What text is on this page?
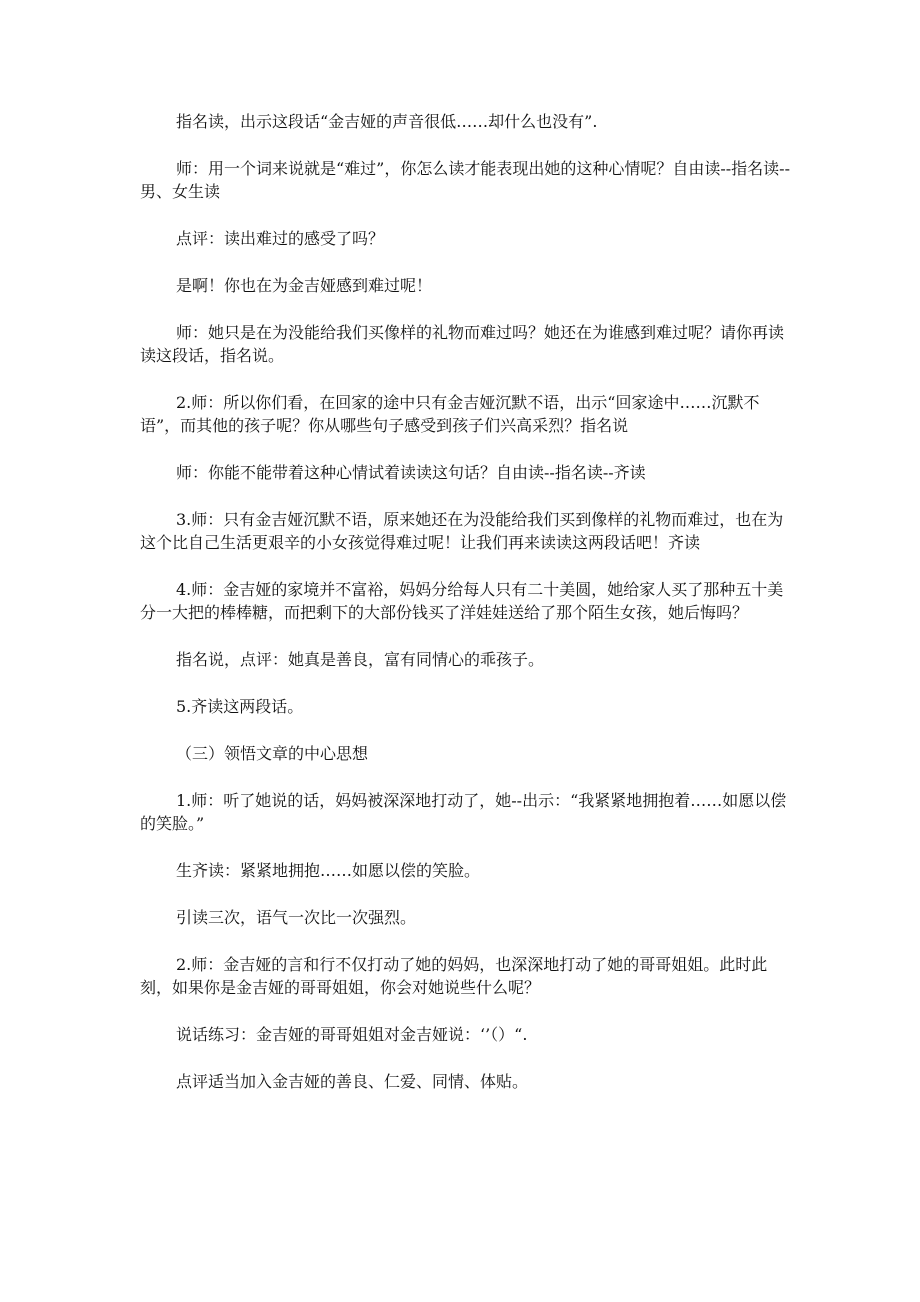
指名读，出示这段话“金吉娅的声音很低……却什么也没有”.

师：用一个词来说就是“难过”，你怎么读才能表现出她的这种心情呢？自由读--指名读--男、女生读

点评：读出难过的感受了吗？

是啊！你也在为金吉娅感到难过呢！

师：她只是在为没能给我们买像样的礼物而难过吗？她还在为谁感到难过呢？请你再读读这段话，指名说。

2.师：所以你们看，在回家的途中只有金吉娅沉默不语，出示“回家途中……沉默不语”，而其他的孩子呢？你从哪些句子感受到孩子们兴高采烈？指名说

师：你能不能带着这种心情试着读读这句话？自由读--指名读--齐读

3.师：只有金吉娅沉默不语，原来她还在为没能给我们买到像样的礼物而难过，也在为这个比自己生活更艰辛的小女孩觉得难过呢！让我们再来读读这两段话吧！齐读

4.师：金吉娅的家境并不富裕，妈妈分给每人只有二十美圆，她给家人买了那种五十美分一大把的棒棒糖，而把剩下的大部份钱买了洋娃娃送给了那个陌生女孩，她后悔吗？

指名说，点评：她真是善良，富有同情心的乖孩子。

5.齐读这两段话。

（三）领悟文章的中心思想

1.师：听了她说的话，妈妈被深深地打动了，她--出示：“我紧紧地拥抱着……如愿以偿的笑脸。”

生齐读：紧紧地拥抱……如愿以偿的笑脸。

引读三次，语气一次比一次强烈。

2.师：金吉娅的言和行不仅打动了她的妈妈，也深深地打动了她的哥哥姐姐。此时此刻，如果你是金吉娅的哥哥姐姐，你会对她说些什么呢？

说话练习：金吉娅的哥哥姐姐对金吉娅说：‘’（）“.

点评适当加入金吉娅的善良、仁爱、同情、体贴。
